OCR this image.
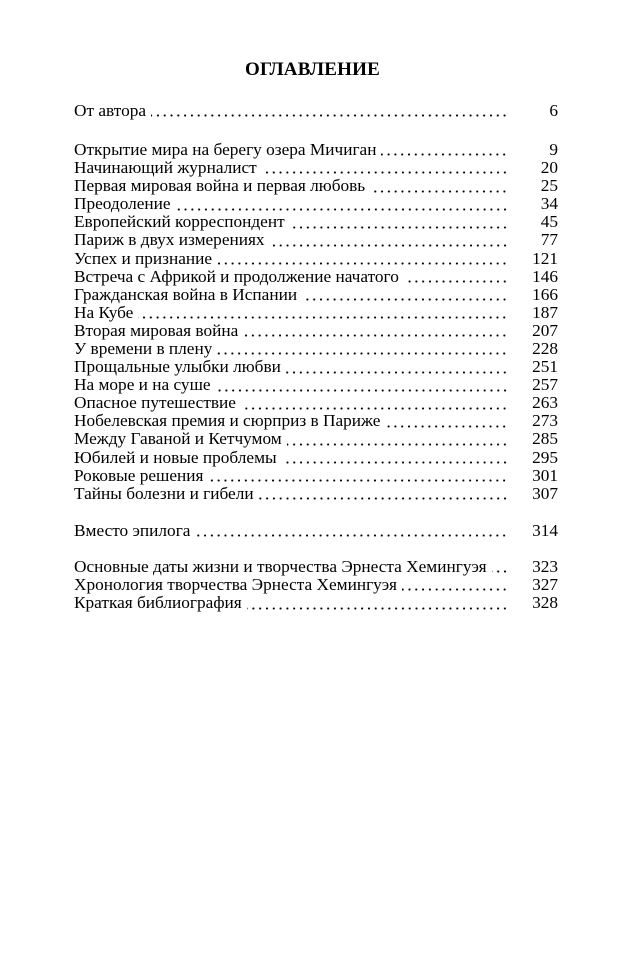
ОГЛАВЛЕНИЕ
От автора	6
Открытие мира на берегу озера Мичиган	9
Начинающий журналист	20
Первая мировая война и первая любовь	25
Преодоление	34
Европейский корреспондент	45
Париж в двух измерениях	77
Успех и признание	121
Встреча с Африкой и продолжение начатого	146
Гражданская война в Испании	166
На Кубе	187
Вторая мировая война	207
У времени в плену	228
Прощальные улыбки любви	251
На море и на суше	257
Опасное путешествие	263
Нобелевская премия и сюрприз в Париже	273
Между Гаваной и Кетчумом	285
Юбилей и новые проблемы	295
Роковые решения	301
Тайны болезни и гибели	307
Вместо эпилога	314
Основные даты жизни и творчества Эрнеста Хемингуэя	323
Хронология творчества Эрнеста Хемингуэя	327
Краткая библиография	328
